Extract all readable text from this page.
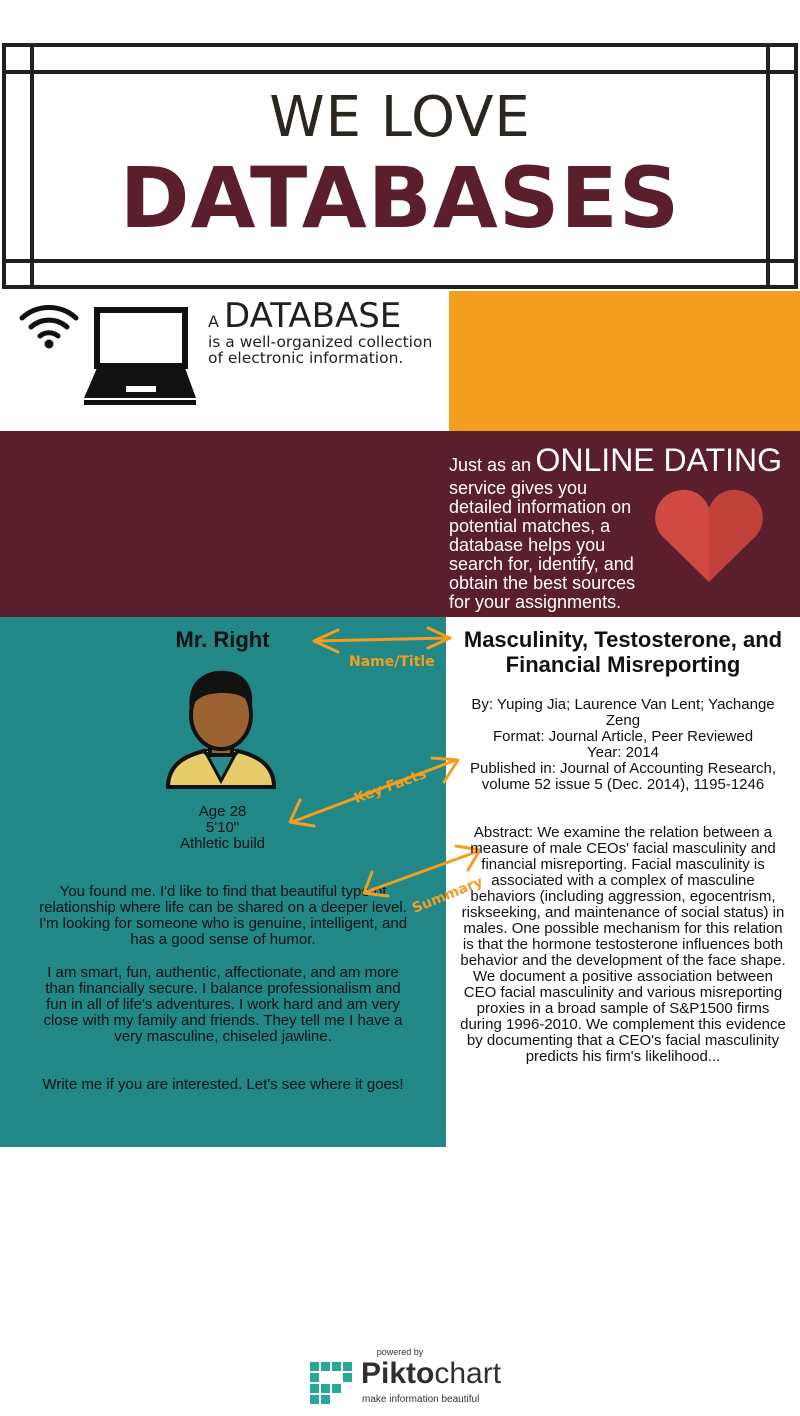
WE LOVE
DATABASES
A DATABASE
is a well-organized collection of electronic information.
Just as an ONLINE DATING
service gives you detailed information on potential matches, a database helps you search for, identify, and obtain the best sources for your assignments.
Mr. Right
Age 28
5'10"
Athletic build
You found me. I'd like to find that beautiful type of relationship where life can be shared on a deeper level. I'm looking for someone who is genuine, intelligent, and has a good sense of humor.
I am smart, fun, authentic, affectionate, and am more than financially secure. I balance professionalism and fun in all of life's adventures. I work hard and am very close with my family and friends. They tell me I have a very masculine, chiseled jawline.
Write me if you are interested. Let's see where it goes!
Name/Title
Key Facts
Summary
Masculinity, Testosterone, and Financial Misreporting
By: Yuping Jia; Laurence Van Lent; Yachange Zeng
Format: Journal Article, Peer Reviewed
Year: 2014
Published in: Journal of Accounting Research, volume 52 issue 5 (Dec. 2014), 1195-1246
Abstract: We examine the relation between a measure of male CEOs' facial masculinity and financial misreporting. Facial masculinity is associated with a complex of masculine behaviors (including aggression, egocentrism, riskseeking, and maintenance of social status) in males. One possible mechanism for this relation is that the hormone testosterone influences both behavior and the development of the face shape. We document a positive association between CEO facial masculinity and various misreporting proxies in a broad sample of S&P1500 firms during 1996-2010. We complement this evidence by documenting that a CEO's facial masculinity predicts his firm's likelihood...
powered by
Piktochart
make information beautiful
